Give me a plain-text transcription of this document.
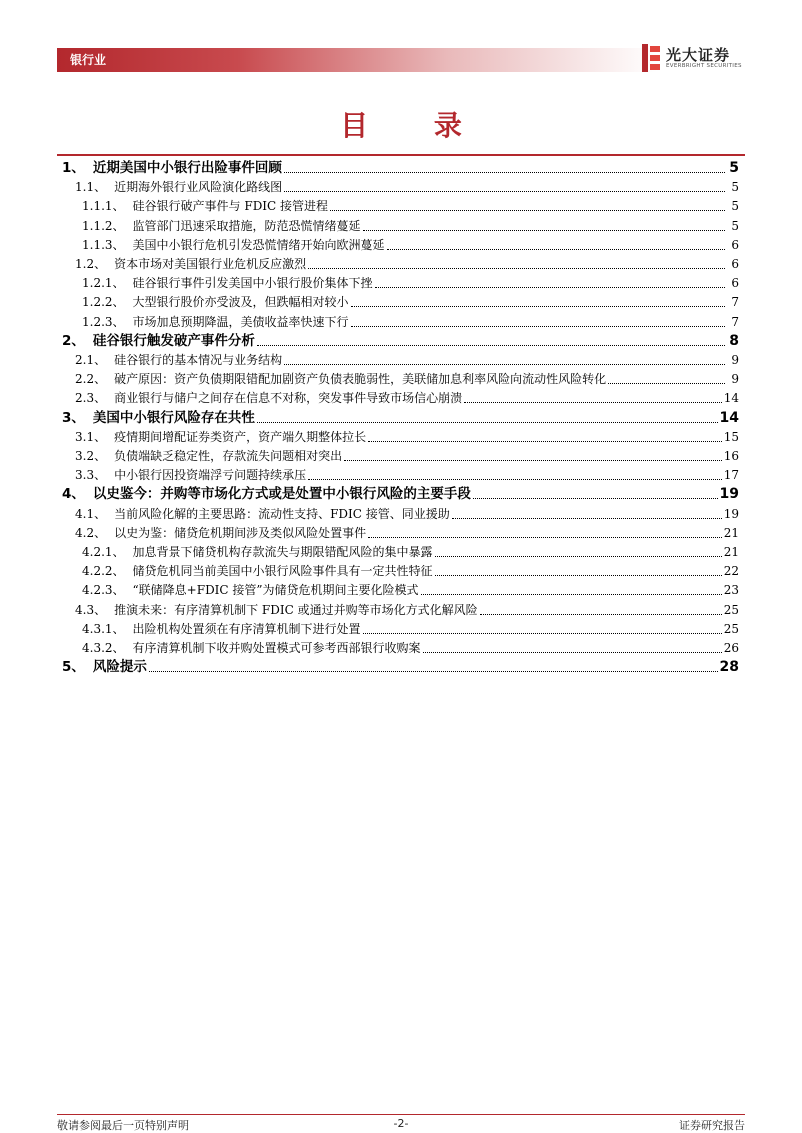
银行业	光大证券
EVERBRIGHT SECURITIES
目 录
1、 近期美国中小银行出险事件回顾	5
1.1、 近期海外银行业风险演化路线图	5
1.1.1、 硅谷银行破产事件与 FDIC 接管进程	5
1.1.2、 监管部门迅速采取措施，防范恐慌情绪蔓延	5
1.1.3、 美国中小银行危机引发恐慌情绪开始向欧洲蔓延	6
1.2、 资本市场对美国银行业危机反应激烈	6
1.2.1、 硅谷银行事件引发美国中小银行股价集体下挫	6
1.2.2、 大型银行股价亦受波及，但跌幅相对较小	7
1.2.3、 市场加息预期降温，美债收益率快速下行	7
2、 硅谷银行触发破产事件分析	8
2.1、 硅谷银行的基本情况与业务结构	9
2.2、 破产原因：资产负债期限错配加剧资产负债表脆弱性，美联储加息利率风险向流动性风险转化	9
2.3、 商业银行与储户之间存在信息不对称，突发事件导致市场信心崩溃	14
3、 美国中小银行风险存在共性	14
3.1、 疫情期间增配证券类资产，资产端久期整体拉长	15
3.2、 负债端缺乏稳定性，存款流失问题相对突出	16
3.3、 中小银行因投资端浮亏问题持续承压	17
4、 以史鉴今：并购等市场化方式或是处置中小银行风险的主要手段	19
4.1、 当前风险化解的主要思路：流动性支持、FDIC 接管、同业援助	19
4.2、 以史为鉴：储贷危机期间涉及类似风险处置事件	21
4.2.1、 加息背景下储贷机构存款流失与期限错配风险的集中暴露	21
4.2.2、 储贷危机同当前美国中小银行风险事件具有一定共性特征	22
4.2.3、 “联储降息+FDIC 接管”为储贷危机期间主要化险模式	23
4.3、 推演未来：有序清算机制下 FDIC 或通过并购等市场化方式化解风险	25
4.3.1、 出险机构处置须在有序清算机制下进行处置	25
4.3.2、 有序清算机制下收并购处置模式可参考西部银行收购案	26
5、 风险提示	28
敬请参阅最后一页特别声明	-2-	证券研究报告
